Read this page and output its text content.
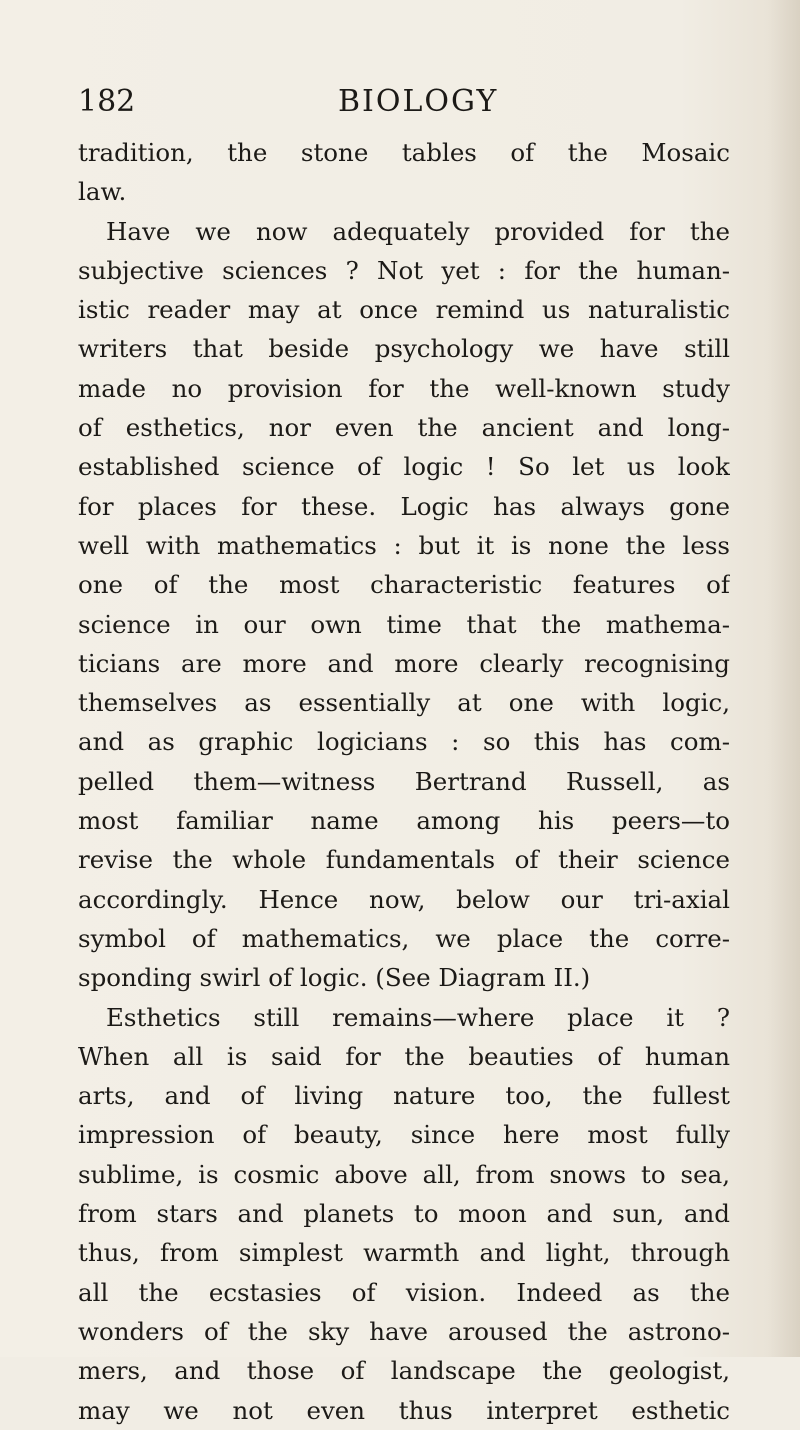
182	BIOLOGY
tradition, the stone tables of the Mosaic
law.
Have we now adequately provided for the
subjective sciences ? Not yet : for the human-
istic reader may at once remind us naturalistic
writers that beside psychology we have still
made no provision for the well-known study
of esthetics, nor even the ancient and long-
established science of logic ! So let us look
for places for these. Logic has always gone
well with mathematics : but it is none the less
one of the most characteristic features of
science in our own time that the mathema-
ticians are more and more clearly recognising
themselves as essentially at one with logic,
and as graphic logicians : so this has com-
pelled them—witness Bertrand Russell, as
most familiar name among his peers—to
revise the whole fundamentals of their science
accordingly. Hence now, below our tri-axial
symbol of mathematics, we place the corre-
sponding swirl of logic. (See Diagram II.)
Esthetics still remains—where place it ?
When all is said for the beauties of human
arts, and of living nature too, the fullest
impression of beauty, since here most fully
sublime, is cosmic above all, from snows to sea,
from stars and planets to moon and sun, and
thus, from simplest warmth and light, through
all the ecstasies of vision. Indeed as the
wonders of the sky have aroused the astrono-
mers, and those of landscape the geologist,
may we not even thus interpret esthetic
